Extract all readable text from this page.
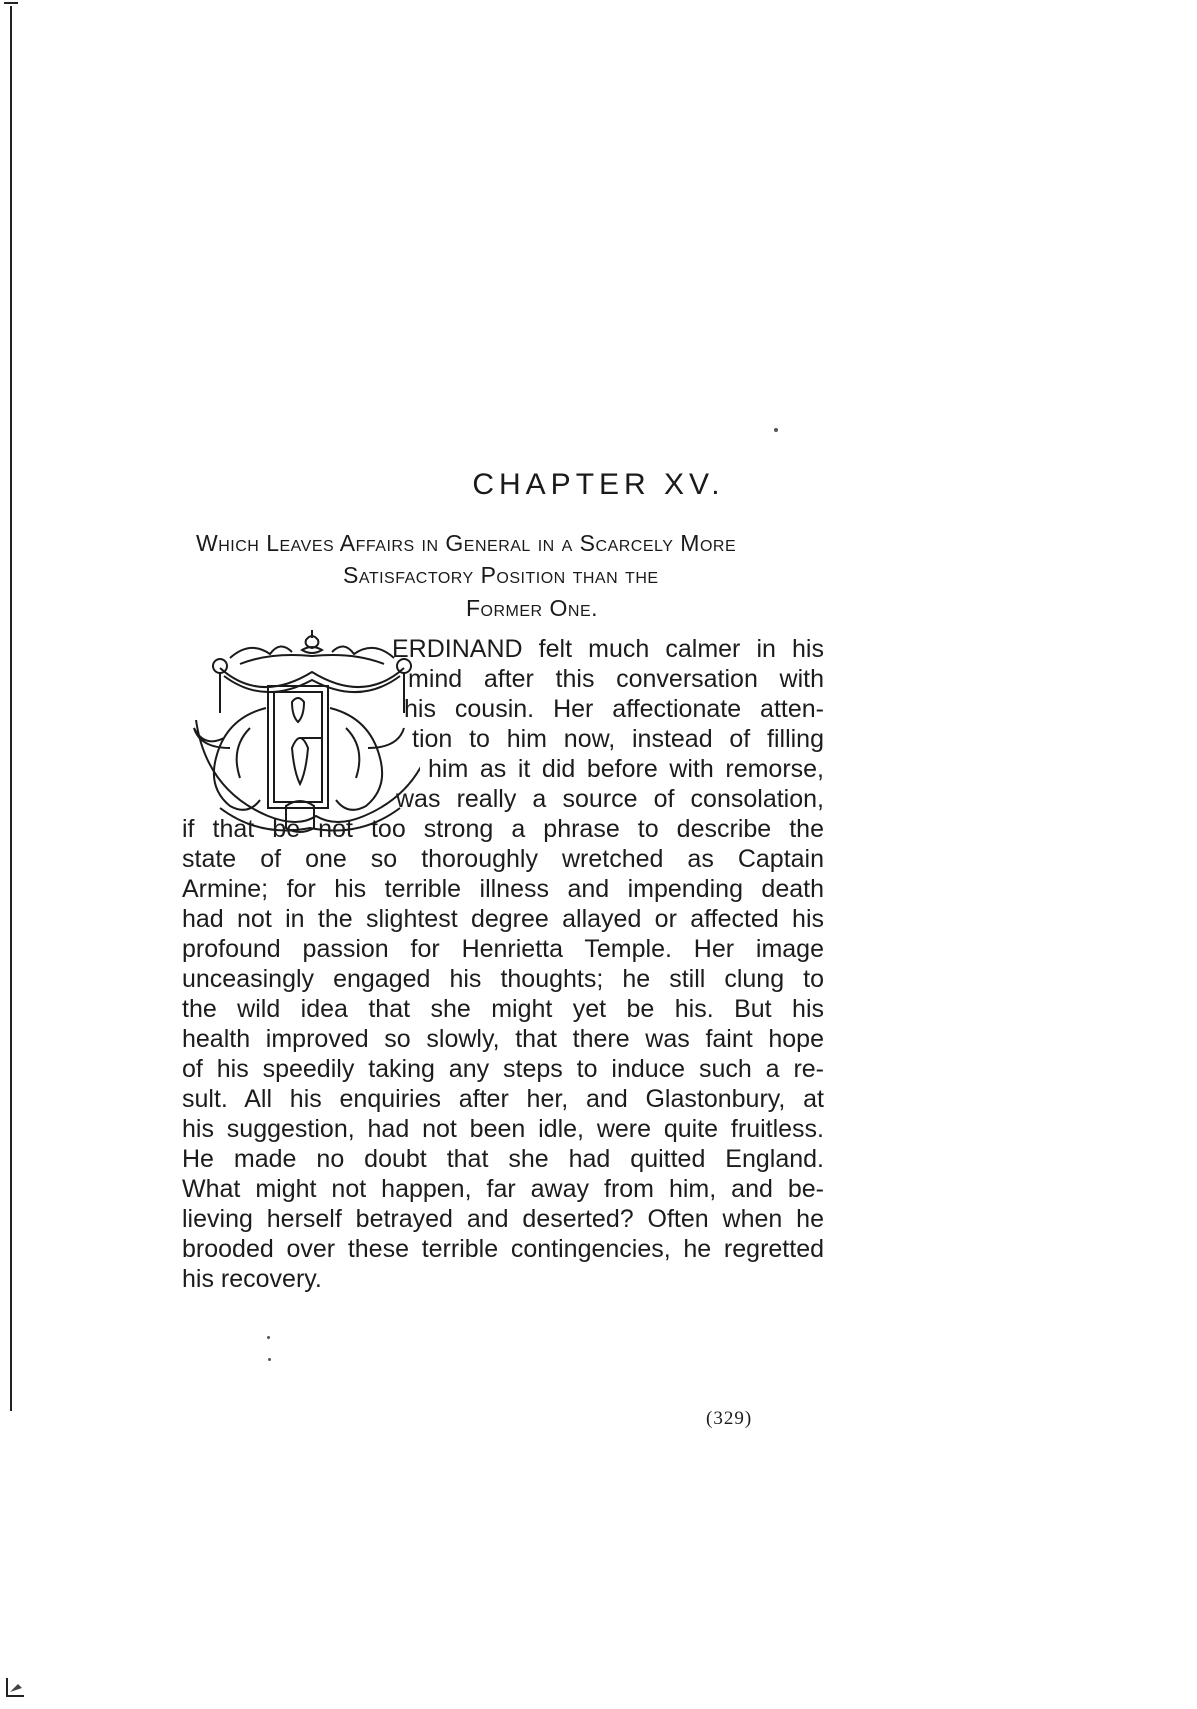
CHAPTER XV.
Which Leaves Affairs in General in a Scarcely More
Satisfactory Position than the
Former One.
ERDINAND felt much calmer in his
mind after this conversation with
his cousin. Her affectionate atten-
tion to him now, instead of filling
him as it did before with remorse,
was really a source of consolation,
if that be not too strong a phrase to describe the
state of one so thoroughly wretched as Captain
Armine; for his terrible illness and impending death
had not in the slightest degree allayed or affected his
profound passion for Henrietta Temple. Her image
unceasingly engaged his thoughts; he still clung to
the wild idea that she might yet be his. But his
health improved so slowly, that there was faint hope
of his speedily taking any steps to induce such a re-
sult. All his enquiries after her, and Glastonbury, at
his suggestion, had not been idle, were quite fruitless.
He made no doubt that she had quitted England.
What might not happen, far away from him, and be-
lieving herself betrayed and deserted? Often when he
brooded over these terrible contingencies, he regretted
his recovery.
(329)
